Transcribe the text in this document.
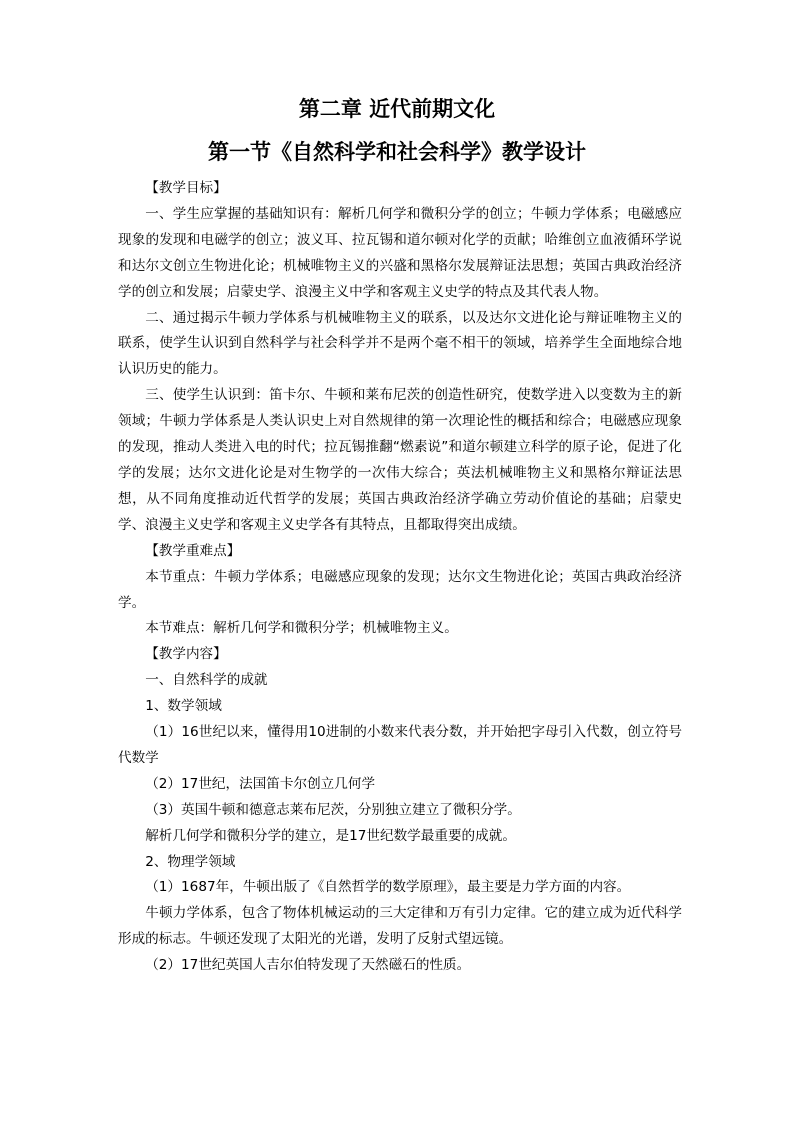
第二章 近代前期文化
第一节《自然科学和社会科学》教学设计

【教学目标】

一、学生应掌握的基础知识有：解析几何学和微积分学的创立；牛顿力学体系；电磁感应现象的发现和电磁学的创立；波义耳、拉瓦锡和道尔顿对化学的贡献；哈维创立血液循环学说和达尔文创立生物进化论；机械唯物主义的兴盛和黑格尔发展辩证法思想；英国古典政治经济学的创立和发展；启蒙史学、浪漫主义中学和客观主义史学的特点及其代表人物。

二、通过揭示牛顿力学体系与机械唯物主义的联系，以及达尔文进化论与辩证唯物主义的联系，使学生认识到自然科学与社会科学并不是两个毫不相干的领域，培养学生全面地综合地认识历史的能力。

三、使学生认识到：笛卡尔、牛顿和莱布尼茨的创造性研究，使数学进入以变数为主的新领域；牛顿力学体系是人类认识史上对自然规律的第一次理论性的概括和综合；电磁感应现象的发现，推动人类进入电的时代；拉瓦锡推翻“燃素说”和道尔顿建立科学的原子论，促进了化学的发展；达尔文进化论是对生物学的一次伟大综合；英法机械唯物主义和黑格尔辩证法思想，从不同角度推动近代哲学的发展；英国古典政治经济学确立劳动价值论的基础；启蒙史学、浪漫主义史学和客观主义史学各有其特点，且都取得突出成绩。

【教学重难点】

本节重点：牛顿力学体系；电磁感应现象的发现；达尔文生物进化论；英国古典政治经济学。

本节难点：解析几何学和微积分学；机械唯物主义。

【教学内容】

一、自然科学的成就

1、数学领域

（1）16世纪以来，懂得用10进制的小数来代表分数，并开始把字母引入代数，创立符号代数学

（2）17世纪，法国笛卡尔创立几何学

（3）英国牛顿和德意志莱布尼茨，分别独立建立了微积分学。

解析几何学和微积分学的建立，是17世纪数学最重要的成就。

2、物理学领域

（1）1687年，牛顿出版了《自然哲学的数学原理》，最主要是力学方面的内容。

牛顿力学体系，包含了物体机械运动的三大定律和万有引力定律。它的建立成为近代科学形成的标志。牛顿还发现了太阳光的光谱，发明了反射式望远镜。

（2）17世纪英国人吉尔伯特发现了天然磁石的性质。
